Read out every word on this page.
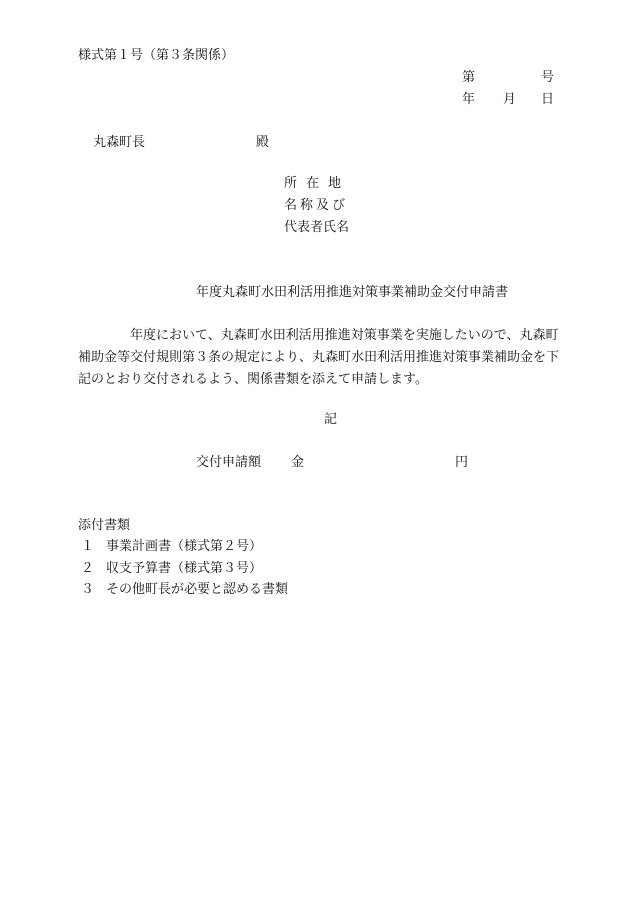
様式第１号（第３条関係）
第	号
年 月 日
丸森町長	殿
所在地
名称及び
代表者氏名
年度丸森町水田利活用推進対策事業補助金交付申請書
年度において、丸森町水田利活用推進対策事業を実施したいので、丸森町
補助金等交付規則第３条の規定により、丸森町水田利活用推進対策事業補助金を下
記のとおり交付されるよう、関係書類を添えて申請します。
記
交付申請額 金	円
添付書類
１ 事業計画書（様式第２号）
２ 収支予算書（様式第３号）
３ その他町長が必要と認める書類
